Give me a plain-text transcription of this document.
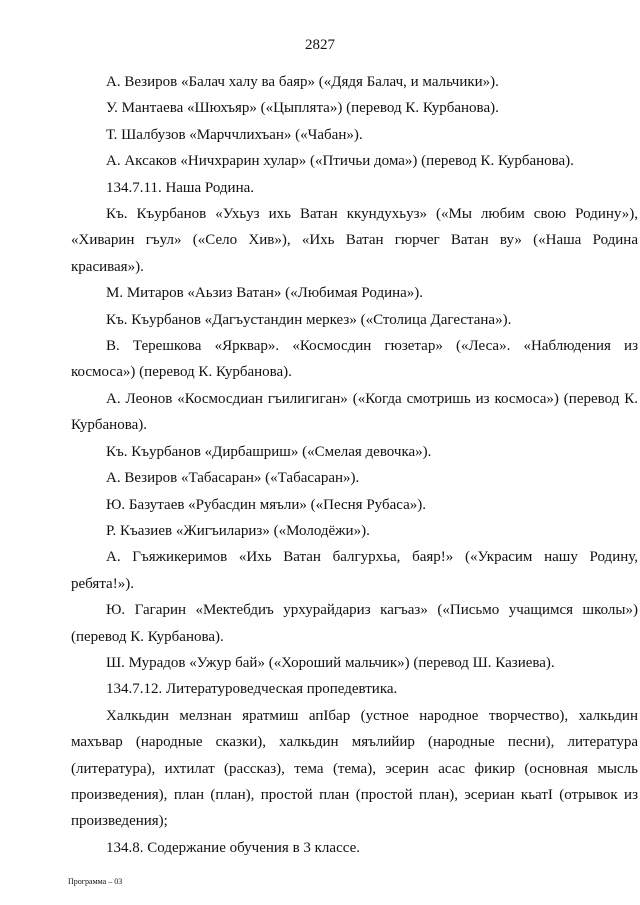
2827

А. Везиров «Балач халу ва баяр» («Дядя Балач, и мальчики»).

У. Мантаева «Шюхъяр» («Цыплята») (перевод К. Курбанова).

Т. Шалбузов «Марччлихъан» («Чабан»).

А. Аксаков «Ничхрарин хулар» («Птичьи дома») (перевод К. Курбанова).

134.7.11. Наша Родина.

Къ. Къурбанов «Ухьуз ихь Ватан ккундухьуз» («Мы любим свою Родину»), «Хиварин гъул» («Село Хив»), «Ихь Ватан гюрчег Ватан ву» («Наша Родина красивая»).

М. Митаров «Аьзиз Ватан» («Любимая Родина»).

Къ. Къурбанов «Дагъустандин меркез» («Столица Дагестана»).

В. Терешкова «Ярквар». «Космосдин гюзетар» («Леса». «Наблюдения из космоса») (перевод К. Курбанова).

А. Леонов «Космосдиан гъилигиган» («Когда смотришь из космоса») (перевод К. Курбанова).

Къ. Къурбанов «Дирбашриш» («Смелая девочка»).

А. Везиров «Табасаран» («Табасаран»).

Ю. Базутаев «Рубасдин мяъли» («Песня Рубаса»).

Р. Къазиев «Жигъилариз» («Молодёжи»).

А. Гъяжикеримов «Ихь Ватан балгурхьа, баяр!» («Украсим нашу Родину, ребята!»).

Ю. Гагарин «Мектебдиъ урхурайдариз кагъаз» («Письмо учащимся школы») (перевод К. Курбанова).

Ш. Мурадов «Ужур бай» («Хороший мальчик») (перевод Ш. Казиева).

134.7.12. Литературоведческая пропедевтика.

Халкьдин мелзнан яратмиш апIбар (устное народное творчество), халкьдин махъвар (народные сказки), халкьдин мяълийир (народные песни), литература (литература), ихтилат (рассказ), тема (тема), эсерин асас фикир (основная мысль произведения), план (план), простой план (простой план), эсериан кьатI (отрывок из произведения);

134.8. Содержание обучения в 3 классе.

Программа – 03
